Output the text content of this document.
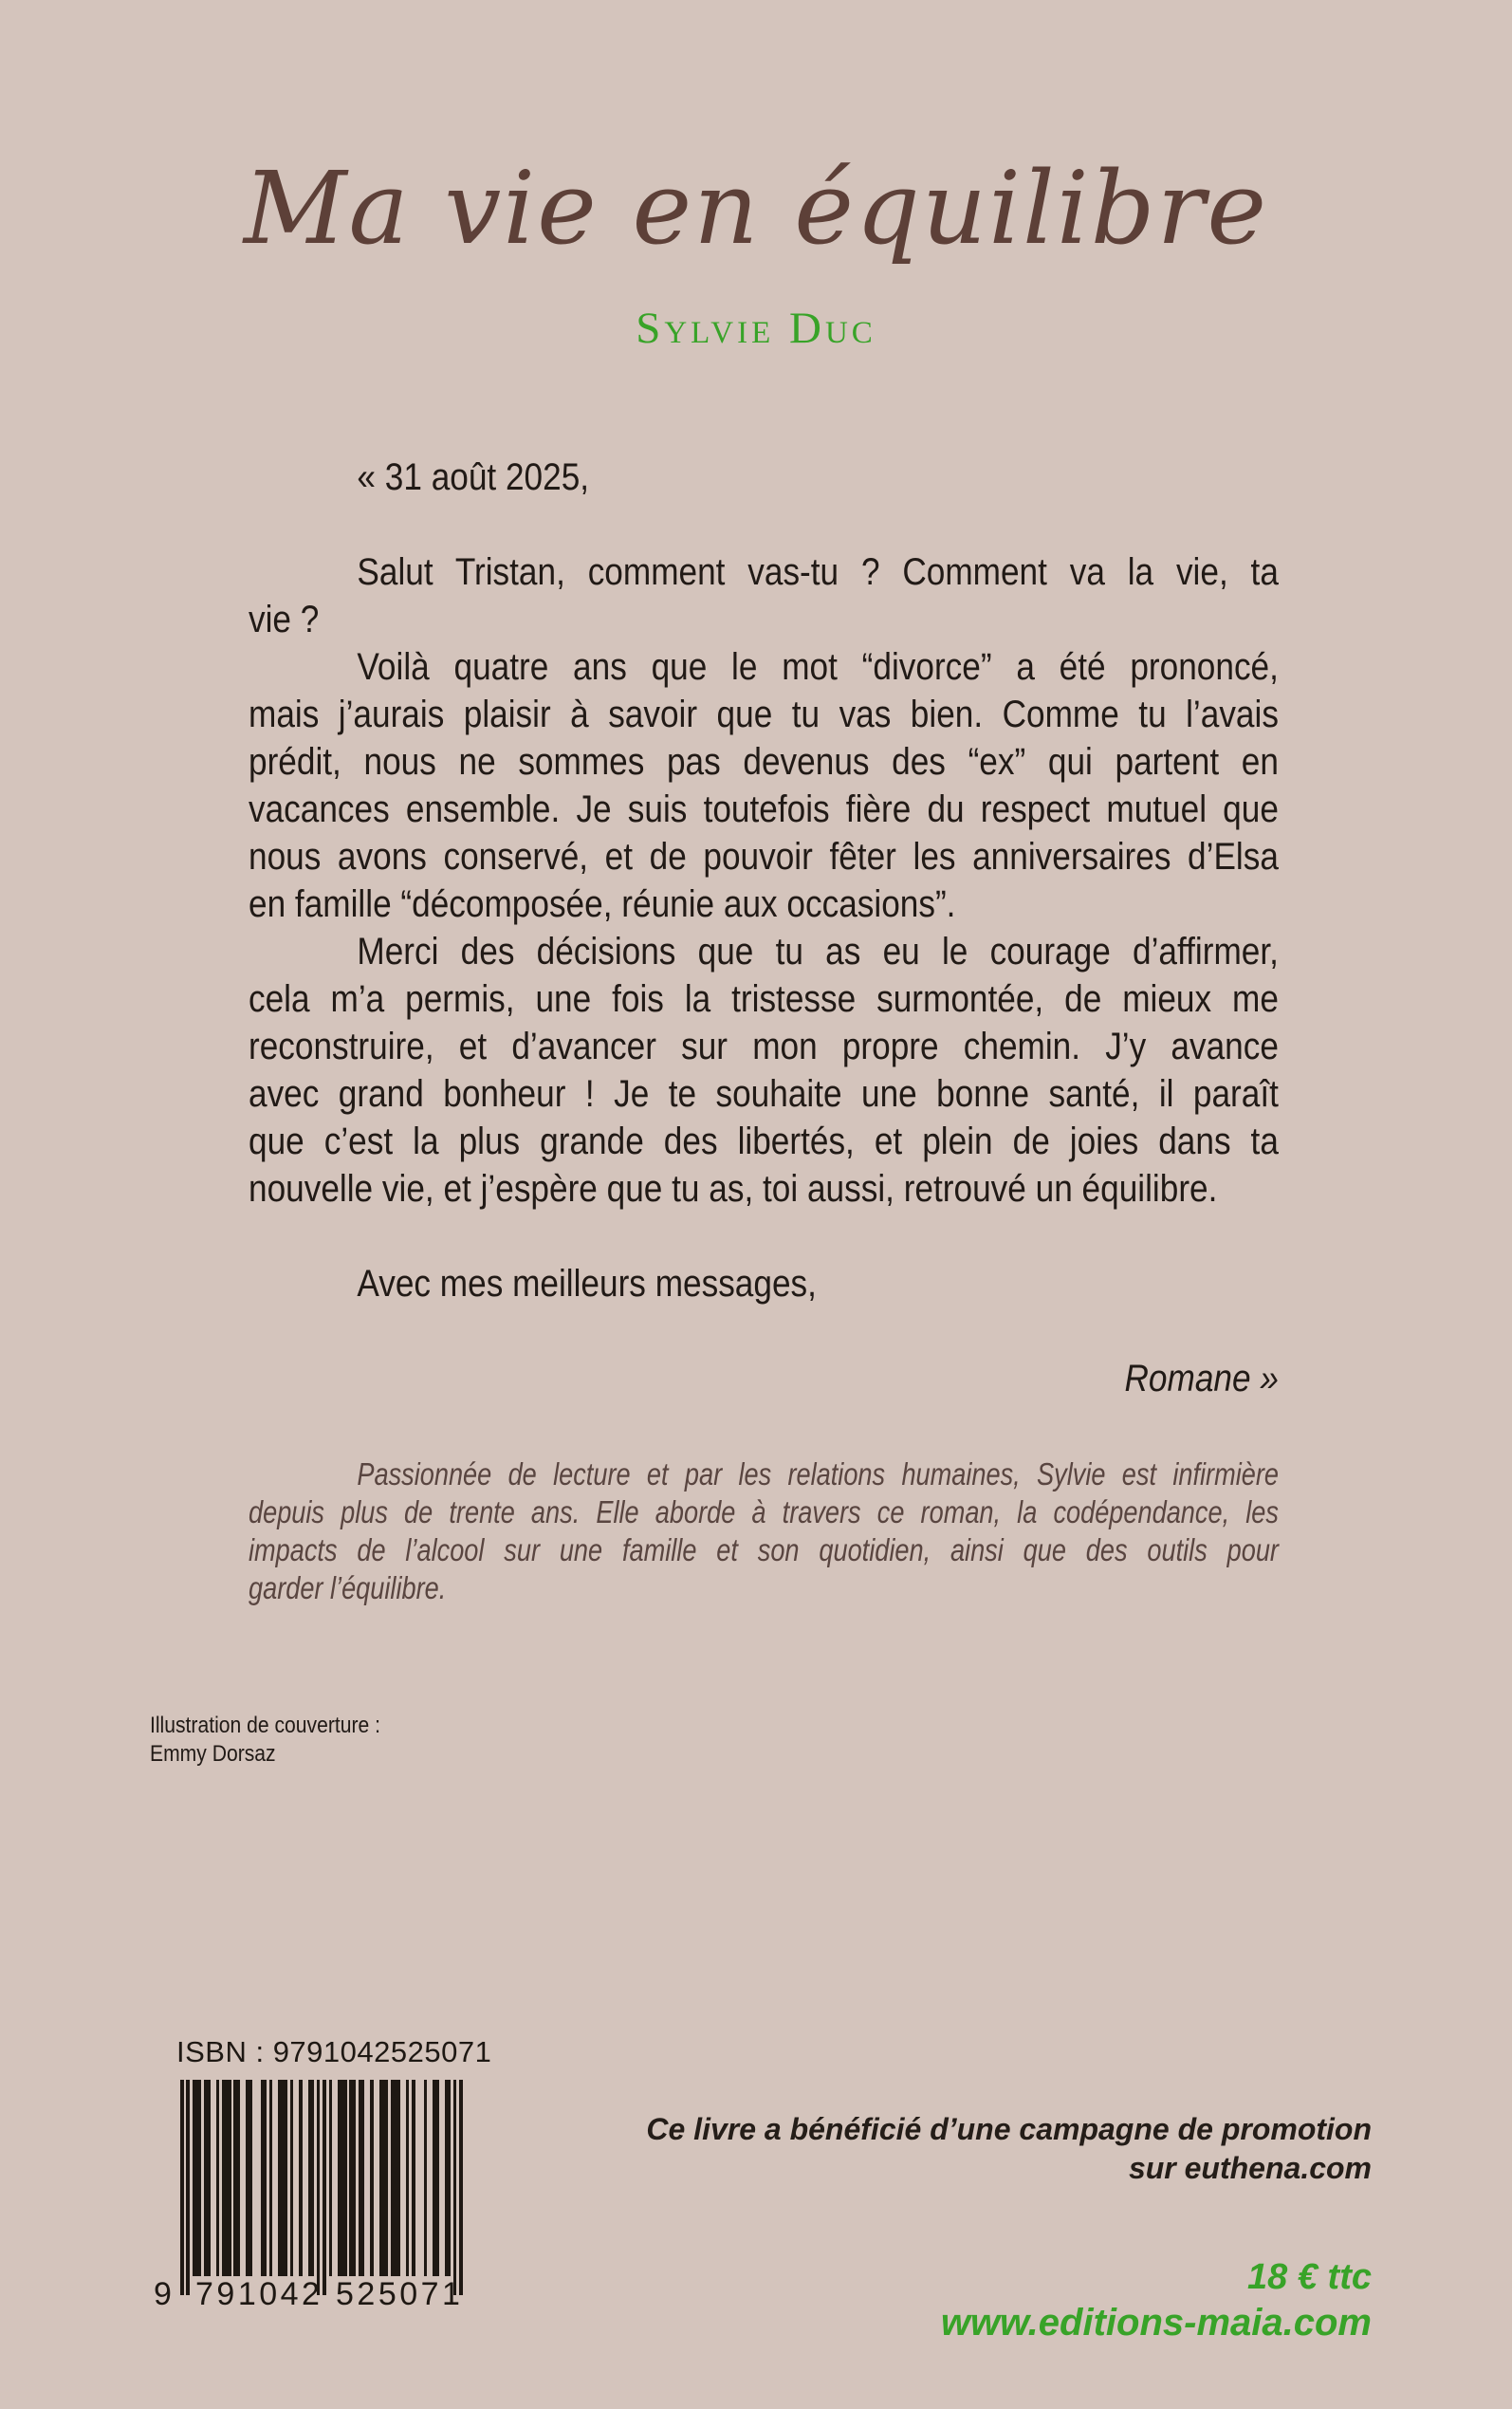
Ma vie en équilibre
Sylvie Duc
« 31 août 2025,
Salut Tristan, comment vas-tu ? Comment va la vie, ta
vie ?
Voilà quatre ans que le mot “divorce” a été prononcé,
mais j’aurais plaisir à savoir que tu vas bien. Comme tu l’avais
prédit, nous ne sommes pas devenus des “ex” qui partent en
vacances ensemble. Je suis toutefois fière du respect mutuel que
nous avons conservé, et de pouvoir fêter les anniversaires d’Elsa
en famille “décomposée, réunie aux occasions”.
Merci des décisions que tu as eu le courage d’affirmer,
cela m’a permis, une fois la tristesse surmontée, de mieux me
reconstruire, et d’avancer sur mon propre chemin. J’y avance
avec grand bonheur ! Je te souhaite une bonne santé, il paraît
que c’est la plus grande des libertés, et plein de joies dans ta
nouvelle vie, et j’espère que tu as, toi aussi, retrouvé un équilibre.
Avec mes meilleurs messages,
Romane »
Passionnée de lecture et par les relations humaines, Sylvie est infirmière
depuis plus de trente ans. Elle aborde à travers ce roman, la codépendance, les
impacts de l’alcool sur une famille et son quotidien, ainsi que des outils pour
garder l’équilibre.
Illustration de couverture :
Emmy Dorsaz
ISBN : 9791042525071
9 791042 525071
Ce livre a bénéficié d’une campagne de promotion
sur euthena.com
18 € ttc
www.editions-maia.com
